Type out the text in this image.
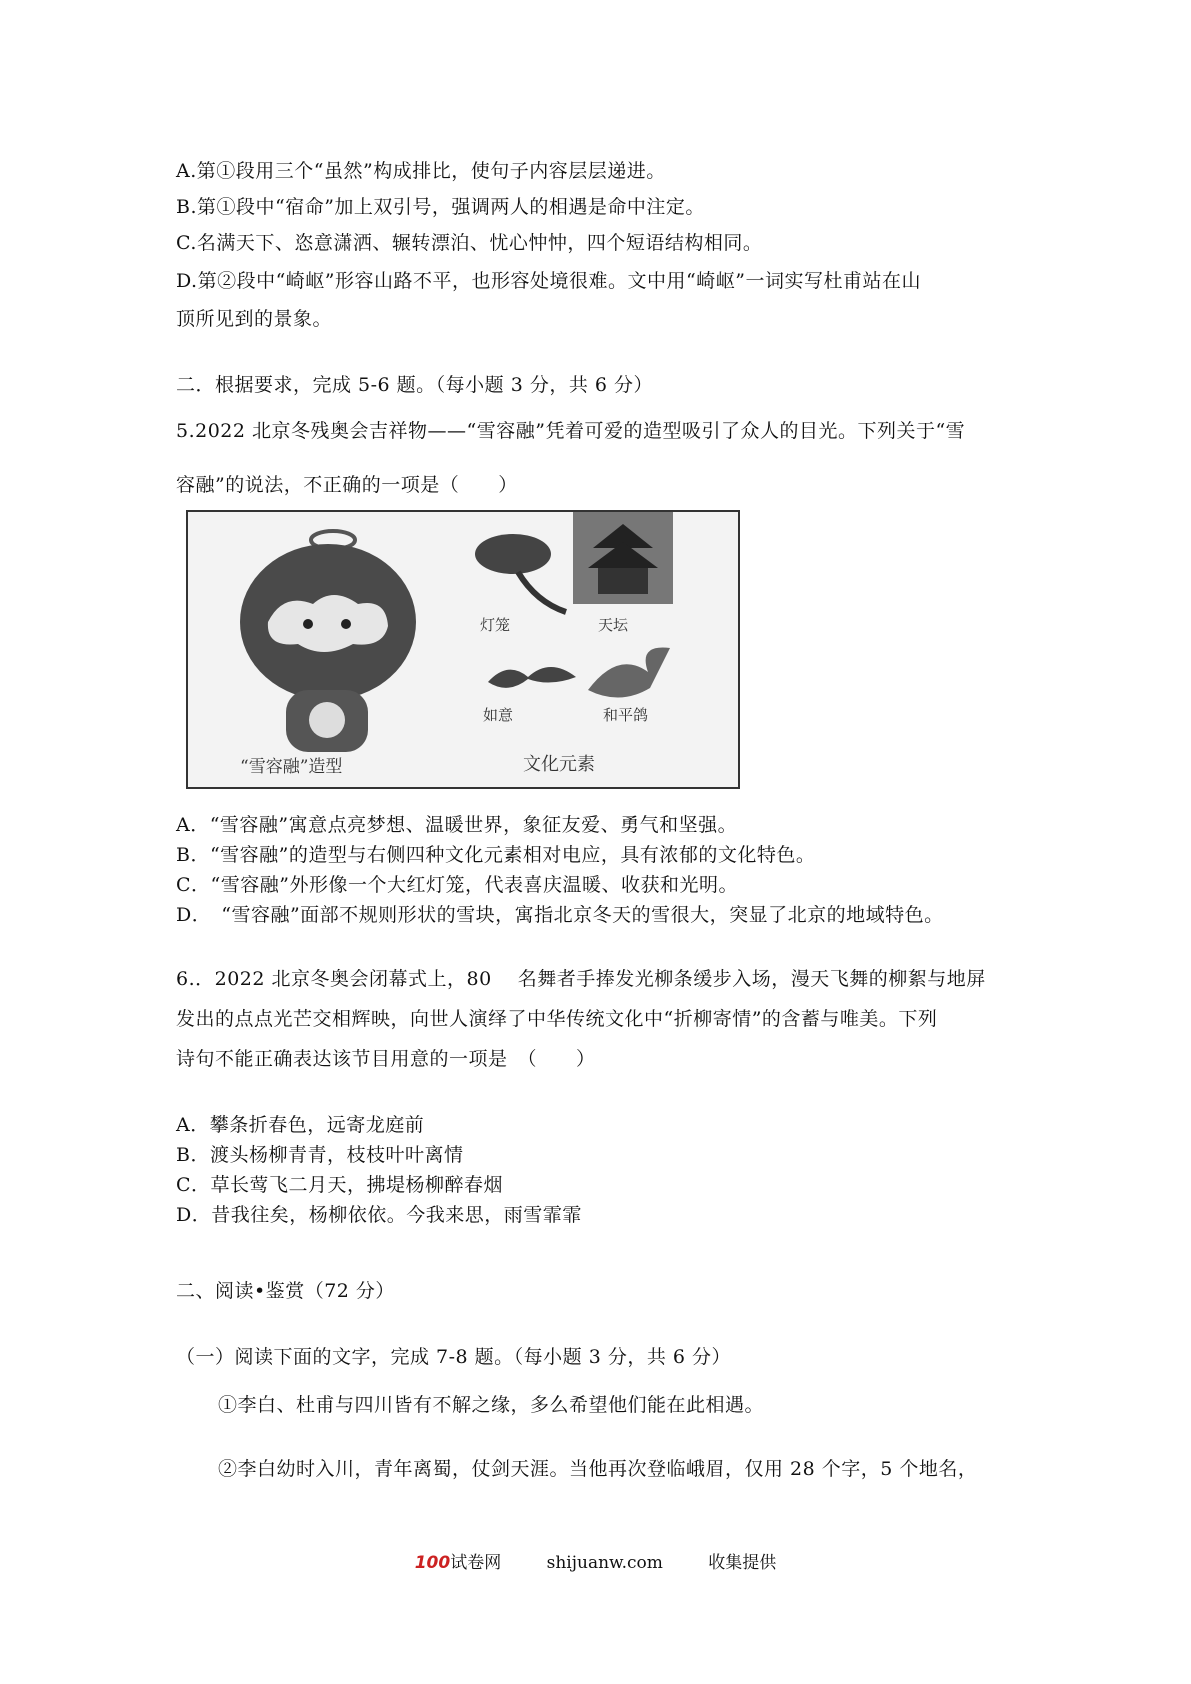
A.第①段用三个“虽然”构成排比，使句子内容层层递进。
B.第①段中“宿命”加上双引号，强调两人的相遇是命中注定。
C.名满天下、恣意潇洒、辗转漂泊、忧心忡忡，四个短语结构相同。
D.第②段中“崎岖”形容山路不平，也形容处境很难。文中用“崎岖”一词实写杜甫站在山
顶所见到的景象。
二．根据要求，完成 5-6 题。（每小题 3 分，共 6 分）
5.2022 北京冬残奥会吉祥物——“雪容融”凭着可爱的造型吸引了众人的目光。下列关于“雪
容融”的说法，不正确的一项是（　　）
灯笼	天坛
如意	和平鸽
“雪容融”造型	文化元素
A．“雪容融”寓意点亮梦想、温暖世界，象征友爱、勇气和坚强。
B．“雪容融”的造型与右侧四种文化元素相对电应，具有浓郁的文化特色。
C．“雪容融”外形像一个大红灯笼，代表喜庆温暖、收获和光明。
D．　“雪容融”面部不规则形状的雪块，寓指北京冬天的雪很大，突显了北京的地域特色。
6.．2022 北京冬奥会闭幕式上，80　 名舞者手捧发光柳条缓步入场，漫天飞舞的柳絮与地屏
发出的点点光芒交相辉映，向世人演绎了中华传统文化中“折柳寄情”的含蓄与唯美。下列
诗句不能正确表达该节目用意的一项是　（　　）
A．攀条折春色，远寄龙庭前
B．渡头杨柳青青，枝枝叶叶离情
C．草长莺飞二月天，拂堤杨柳醉春烟
D．昔我往矣，杨柳依依。今我来思，雨雪霏霏
二、阅读•鉴赏（72 分）
（一）阅读下面的文字，完成 7-8 题。（每小题 3 分，共 6 分）
①李白、杜甫与四川皆有不解之缘，多么希望他们能在此相遇。
②李白幼时入川，青年离蜀，仗剑天涯。当他再次登临峨眉，仅用 28 个字，5 个地名，
100试卷网	shijuanw.com	收集提供
